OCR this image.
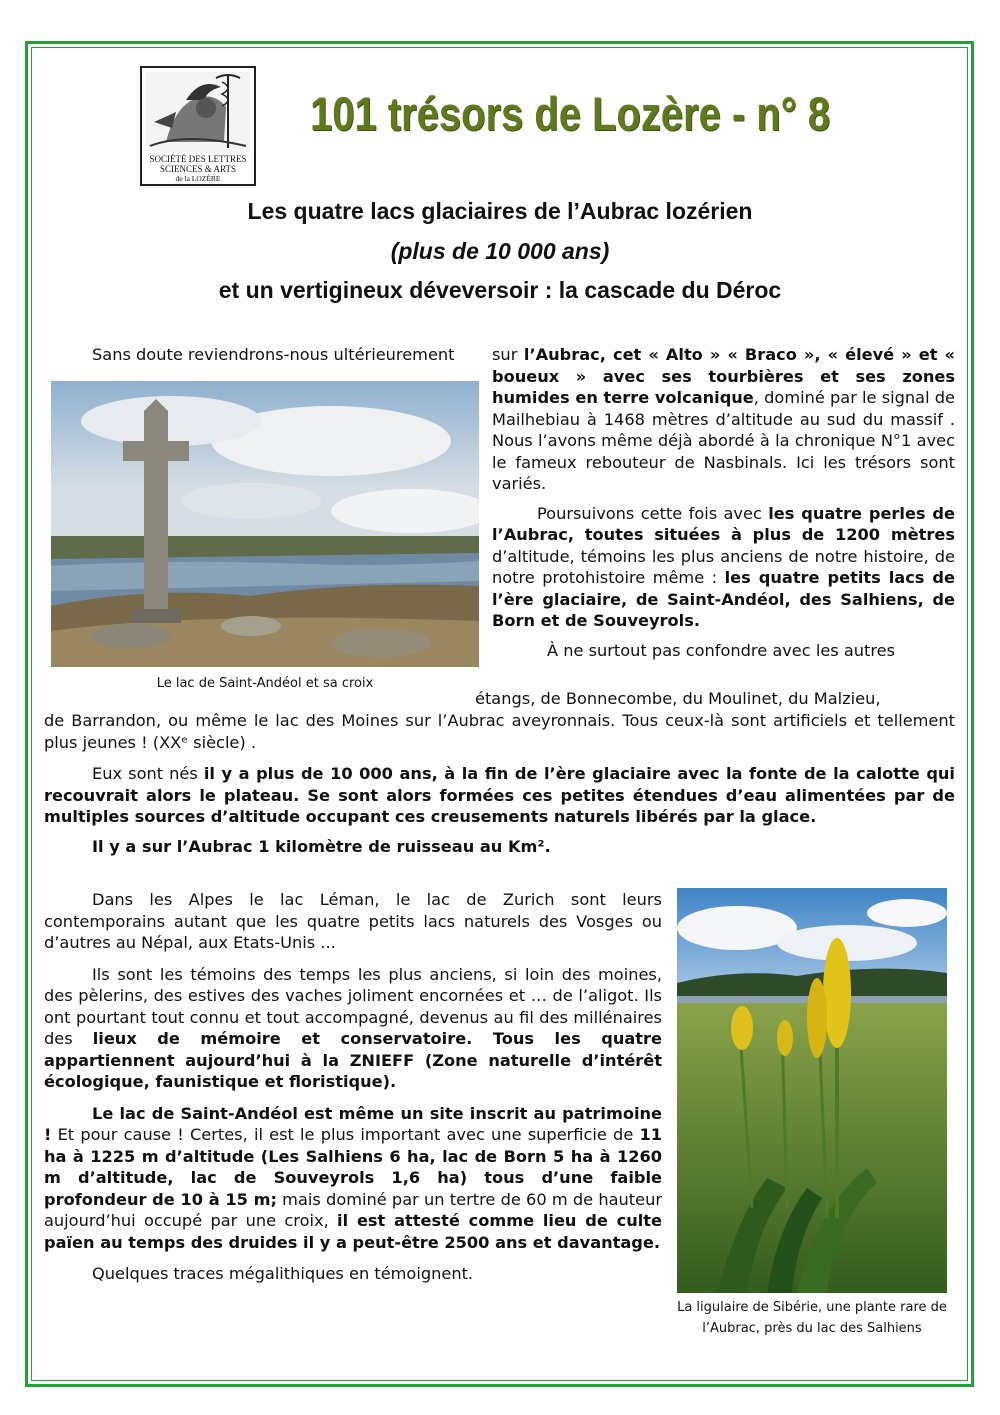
SOCIÉTÉ DES LETTRES
SCIENCES & ARTS
de la LOZÈRE
101 trésors de Lozère - n° 8
Les quatre lacs glaciaires de l’Aubrac lozérien
(plus de 10 000 ans)
et un vertigineux déveversoir : la cascade du Déroc
Sans doute reviendrons-nous ultérieurement
Le lac de Saint-Andéol et sa croix

sur l’Aubrac, cet « Alto » « Braco », « élevé » et « boueux » avec ses tourbières et ses zones humides en terre volcanique, dominé par le signal de Mailhebiau à 1468 mètres d’altitude au sud du massif . Nous l’avons même déjà abordé à la chronique N°1 avec le fameux rebouteur de Nasbinals. Ici les trésors sont variés.

Poursuivons cette fois avec les quatre perles de l’Aubrac, toutes situées à plus de 1200 mètres d’altitude, témoins les plus anciens de notre histoire, de notre protohistoire même : les quatre petits lacs de l’ère glaciaire, de Saint-Andéol, des Salhiens, de Born et de Souveyrols.

À ne surtout pas confondre avec les autres

étangs, de Bonnecombe, du Moulinet, du Malzieu,

de Barrandon, ou même le lac des Moines sur l’Aubrac aveyronnais. Tous ceux-là sont artificiels et tellement plus jeunes ! (XXᵉ siècle) .

Eux sont nés il y a plus de 10 000 ans, à la fin de l’ère glaciaire avec la fonte de la calotte qui recouvrait alors le plateau. Se sont alors formées ces petites étendues d’eau alimentées par de multiples sources d’altitude occupant ces creusements naturels libérés par la glace.

Il y a sur l’Aubrac 1 kilomètre de ruisseau au Km².

La ligulaire de Sibérie, une plante rare de l’Aubrac, près du lac des Salhiens

Dans les Alpes le lac Léman, le lac de Zurich sont leurs contemporains autant que les quatre petits lacs naturels des Vosges ou d’autres au Népal, aux Etats-Unis ...

Ils sont les témoins des temps les plus anciens, si loin des moines, des pèlerins, des estives des vaches joliment encornées et … de l’aligot. Ils ont pourtant tout connu et tout accompagné, devenus au fil des millénaires des lieux de mémoire et conservatoire. Tous les quatre appartiennent aujourd’hui à la ZNIEFF (Zone naturelle d’intérêt écologique, faunistique et floristique).

Le lac de Saint-Andéol est même un site inscrit au patrimoine ! Et pour cause ! Certes, il est le plus important avec une superficie de 11 ha à 1225 m d’altitude (Les Salhiens 6 ha, lac de Born 5 ha à 1260 m d’altitude, lac de Souveyrols 1,6 ha) tous d’une faible profondeur de 10 à 15 m; mais dominé par un tertre de 60 m de hauteur aujourd’hui occupé par une croix, il est attesté comme lieu de culte païen au temps des druides il y a peut-être 2500 ans et davantage.

Quelques traces mégalithiques en témoignent.
